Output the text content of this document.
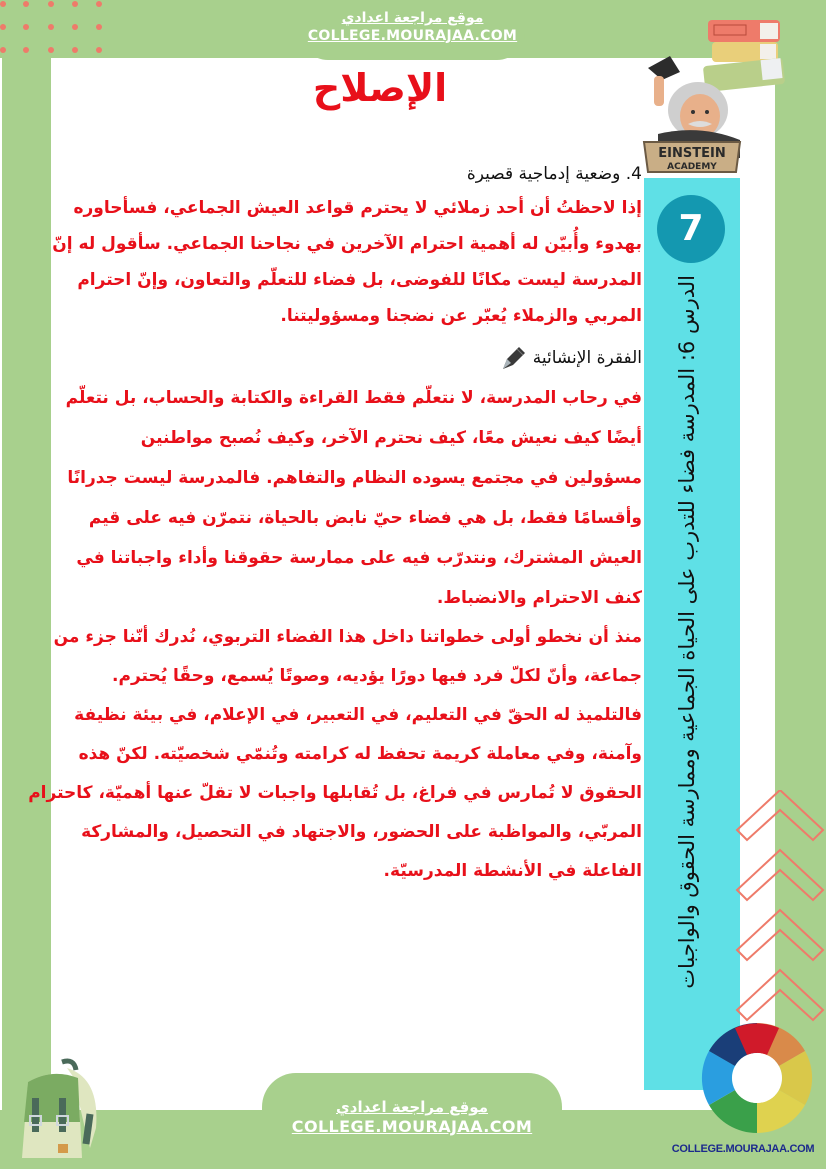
موقع مراجعة اعدادي
COLLEGE.MOURAJAA.COM
الإصلاح
EINSTEIN
ACADEMY
7
الدرس 6: المدرسة فضاء للتدرب على الحياة الجماعية وممارسة الحقوق والواجبات
4. وضعية إدماجية قصيرة
إذا لاحظتُ أن أحد زملائي لا يحترم قواعد العيش الجماعي، فسأحاوره
بهدوء وأُبيّن له أهمية احترام الآخرين في نجاحنا الجماعي. سأقول له إنّ
المدرسة ليست مكانًا للفوضى، بل فضاء للتعلّم والتعاون، وإنّ احترام
المربي والزملاء يُعبّر عن نضجنا ومسؤوليتنا.
الفقرة الإنشائية
في رحاب المدرسة، لا نتعلّم فقط القراءة والكتابة والحساب، بل نتعلّم
أيضًا كيف نعيش معًا، كيف نحترم الآخر، وكيف نُصبح مواطنين
مسؤولين في مجتمع يسوده النظام والتفاهم. فالمدرسة ليست جدرانًا
وأقسامًا فقط، بل هي فضاء حيّ نابض بالحياة، نتمرّن فيه على قيم
العيش المشترك، ونتدرّب فيه على ممارسة حقوقنا وأداء واجباتنا في
كنف الاحترام والانضباط.
منذ أن نخطو أولى خطواتنا داخل هذا الفضاء التربوي، نُدرك أنّنا جزء من
جماعة، وأنّ لكلّ فرد فيها دورًا يؤديه، وصوتًا يُسمع، وحقًا يُحترم.
فالتلميذ له الحقّ في التعليم، في التعبير، في الإعلام، في بيئة نظيفة
وآمنة، وفي معاملة كريمة تحفظ له كرامته وتُنمّي شخصيّته. لكنّ هذه
الحقوق لا تُمارس في فراغ، بل تُقابلها واجبات لا تقلّ عنها أهميّة، كاحترام
المربّي، والمواظبة على الحضور، والاجتهاد في التحصيل، والمشاركة
الفاعلة في الأنشطة المدرسيّة.
موقع مراجعة اعدادي
COLLEGE.MOURAJAA.COM
COLLEGE.MOURAJAA.COM
